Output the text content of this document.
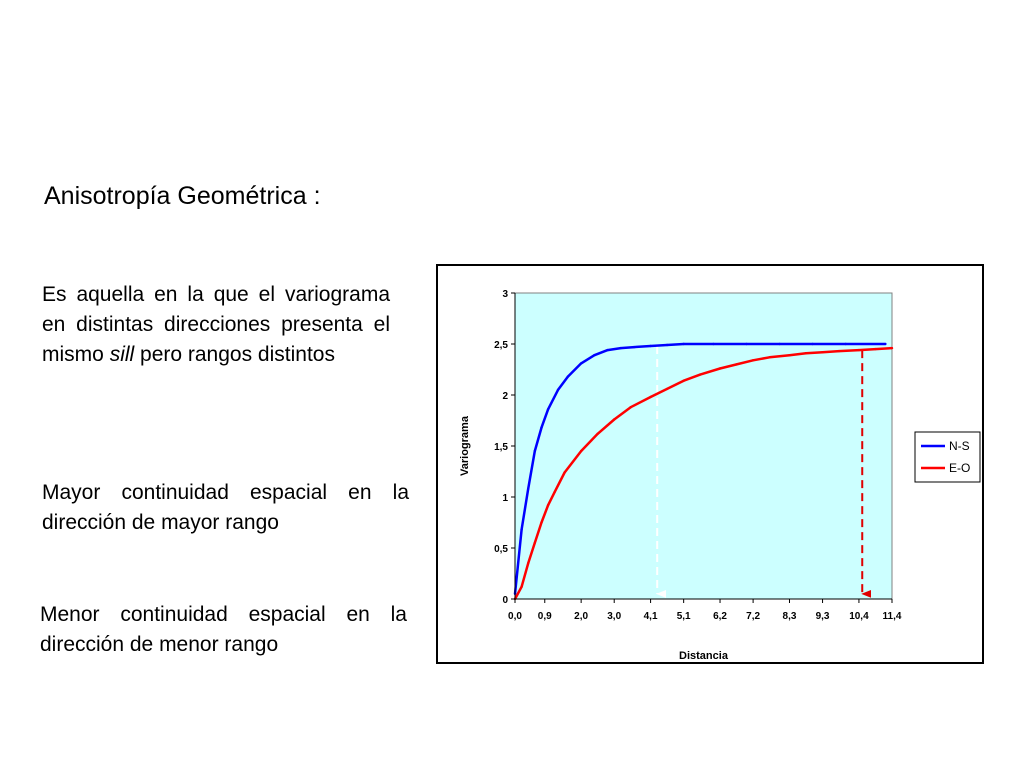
Anisotropía Geométrica :

Es aquella en la que el variograma en distintas direcciones presenta el mismo sill pero rangos distintos

Mayor continuidad espacial en la dirección de mayor rango

Menor continuidad espacial en la dirección de menor rango

0
0,5
1
1,5
2
2,5
3
0,0 0,9 2,0 3,0 4,1 5,1 6,2 7,2 8,3 9,3 10,4 11,4
N-S
E-O
Distancia
Variograma
